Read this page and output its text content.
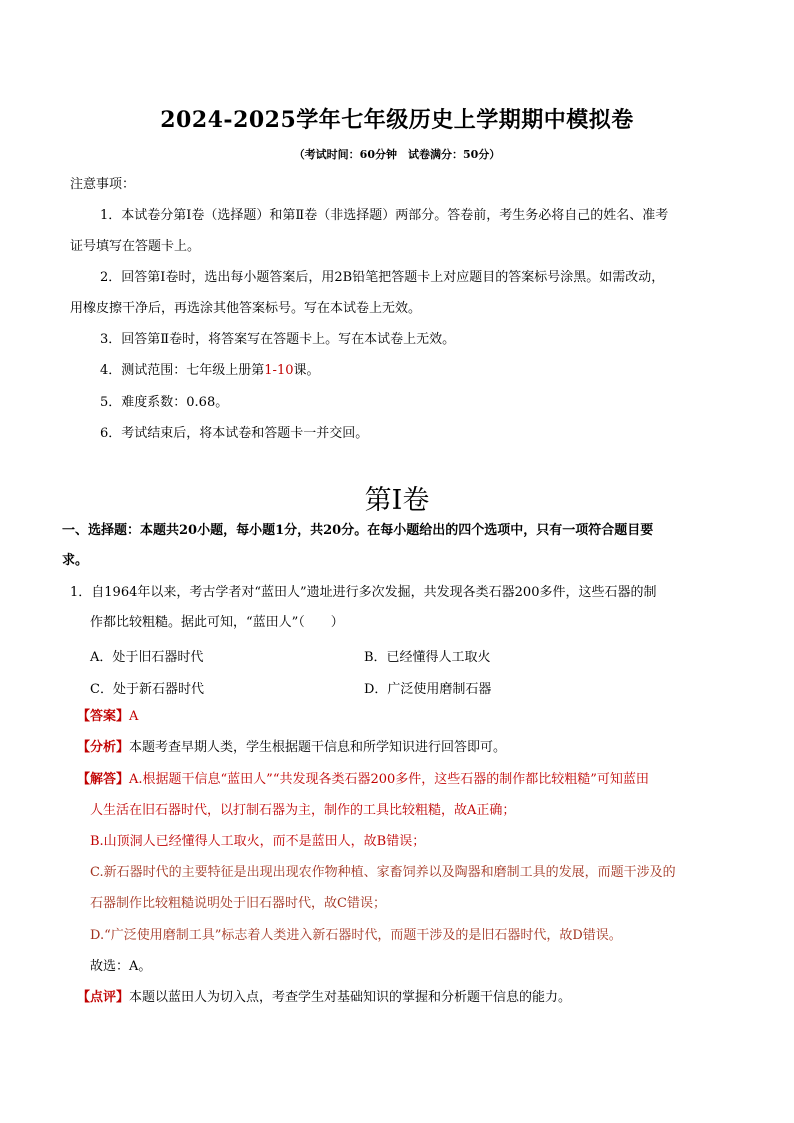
2024-2025学年七年级历史上学期期中模拟卷
（考试时间：60分钟　试卷满分：50分）
注意事项：
1．本试卷分第Ⅰ卷（选择题）和第Ⅱ卷（非选择题）两部分。答卷前，考生务必将自己的姓名、准考
证号填写在答题卡上。
2．回答第Ⅰ卷时，选出每小题答案后，用2B铅笔把答题卡上对应题目的答案标号涂黑。如需改动，
用橡皮擦干净后，再选涂其他答案标号。写在本试卷上无效。
3．回答第Ⅱ卷时，将答案写在答题卡上。写在本试卷上无效。
4．测试范围：七年级上册第1-10课。
5．难度系数：0.68。
6．考试结束后，将本试卷和答题卡一并交回。
第Ⅰ卷
一、选择题：本题共20小题，每小题1分，共20分。在每小题给出的四个选项中，只有一项符合题目要
求。
1．自1964年以来，考古学者对“蓝田人”遗址进行多次发掘，共发现各类石器200多件，这些石器的制
作都比较粗糙。据此可知，“蓝田人”（　　）
A．处于旧石器时代	B．已经懂得人工取火
C．处于新石器时代	D．广泛使用磨制石器
【答案】A
【分析】本题考查早期人类，学生根据题干信息和所学知识进行回答即可。
【解答】A.根据题干信息“蓝田人”“共发现各类石器200多件，这些石器的制作都比较粗糙”可知蓝田
人生活在旧石器时代，以打制石器为主，制作的工具比较粗糙，故A正确；
B.山顶洞人已经懂得人工取火，而不是蓝田人，故B错误；
C.新石器时代的主要特征是出现出现农作物种植、家畜饲养以及陶器和磨制工具的发展，而题干涉及的
石器制作比较粗糙说明处于旧石器时代，故C错误；
D.“广泛使用磨制工具”标志着人类进入新石器时代，而题干涉及的是旧石器时代，故D错误。
故选：A。
【点评】本题以蓝田人为切入点，考查学生对基础知识的掌握和分析题干信息的能力。
